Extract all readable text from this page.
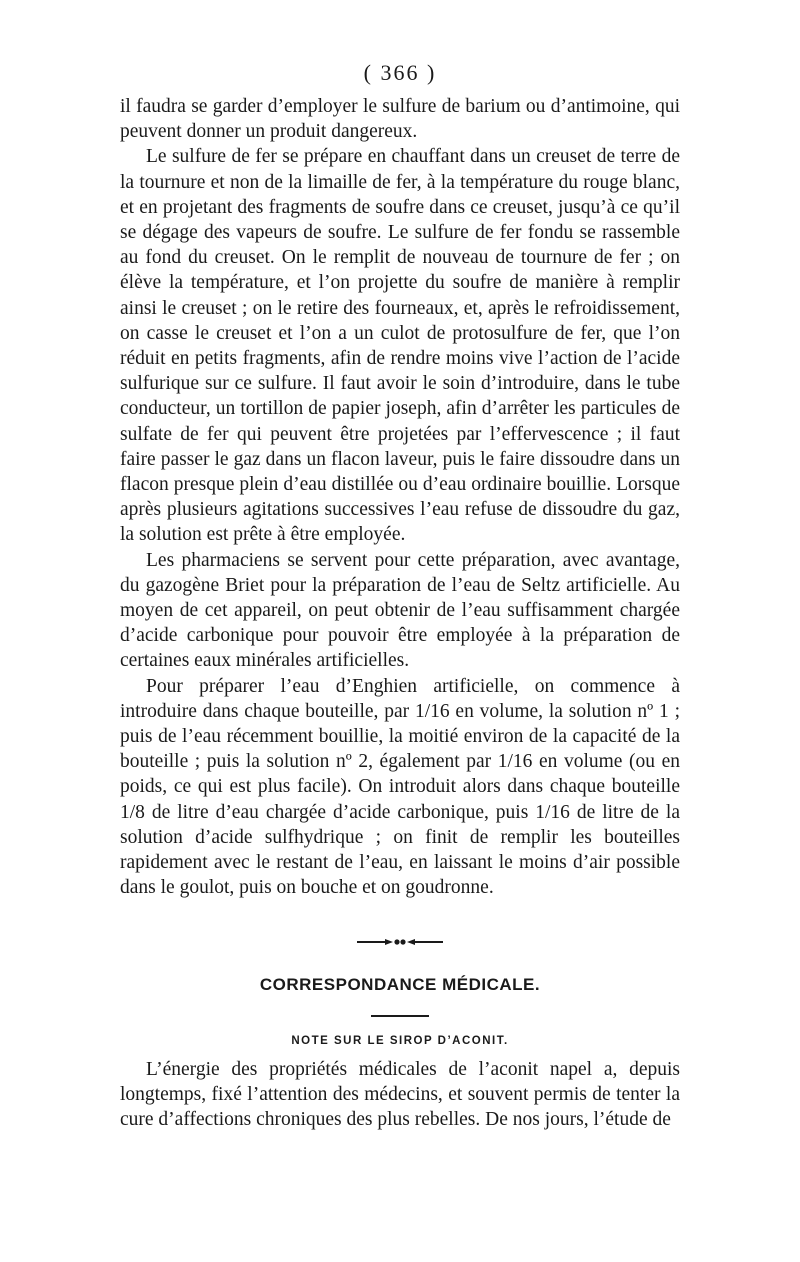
( 366 )

il faudra se garder d’employer le sulfure de barium ou d’antimoine, qui peuvent donner un produit dangereux.

Le sulfure de fer se prépare en chauffant dans un creuset de terre de la tournure et non de la limaille de fer, à la température du rouge blanc, et en projetant des fragments de soufre dans ce creuset, jusqu’à ce qu’il se dégage des vapeurs de soufre. Le sulfure de fer fondu se rassemble au fond du creuset. On le remplit de nouveau de tournure de fer ; on élève la température, et l’on projette du soufre de manière à remplir ainsi le creuset ; on le retire des fourneaux, et, après le refroidissement, on casse le creuset et l’on a un culot de protosulfure de fer, que l’on réduit en petits fragments, afin de rendre moins vive l’action de l’acide sulfurique sur ce sulfure. Il faut avoir le soin d’introduire, dans le tube conducteur, un tortillon de papier joseph, afin d’arrêter les particules de sulfate de fer qui peuvent être projetées par l’effervescence ; il faut faire passer le gaz dans un flacon laveur, puis le faire dissoudre dans un flacon presque plein d’eau distillée ou d’eau ordinaire bouillie. Lorsque après plusieurs agitations successives l’eau refuse de dissoudre du gaz, la solution est prête à être employée.

Les pharmaciens se servent pour cette préparation, avec avantage, du gazogène Briet pour la préparation de l’eau de Seltz artificielle. Au moyen de cet appareil, on peut obtenir de l’eau suffisamment chargée d’acide carbonique pour pouvoir être employée à la préparation de certaines eaux minérales artificielles.

Pour préparer l’eau d’Enghien artificielle, on commence à introduire dans chaque bouteille, par 1/16 en volume, la solution nº 1 ; puis de l’eau récemment bouillie, la moitié environ de la capacité de la bouteille ; puis la solution nº 2, également par 1/16 en volume (ou en poids, ce qui est plus facile). On introduit alors dans chaque bouteille 1/8 de litre d’eau chargée d’acide carbonique, puis 1/16 de litre de la solution d’acide sulfhydrique ; on finit de remplir les bouteilles rapidement avec le restant de l’eau, en laissant le moins d’air possible dans le goulot, puis on bouche et on goudronne.

CORRESPONDANCE MÉDICALE.
NOTE SUR LE SIROP D’ACONIT.

L’énergie des propriétés médicales de l’aconit napel a, depuis longtemps, fixé l’attention des médecins, et souvent permis de tenter la cure d’affections chroniques des plus rebelles. De nos jours, l’étude de
